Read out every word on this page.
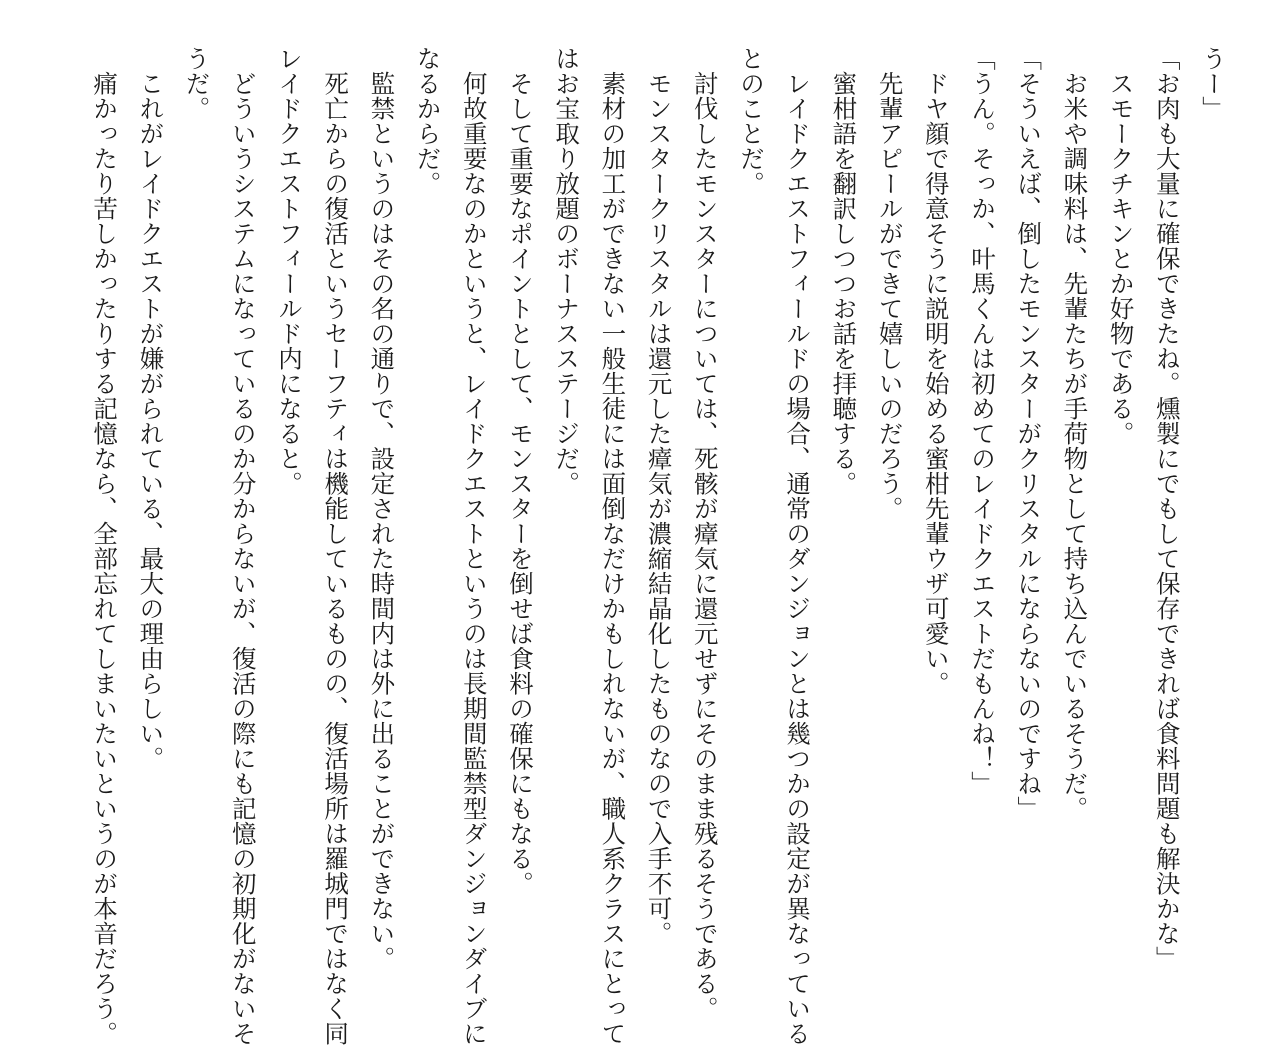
うー」

「お肉も大量に確保できたね。燻製にでもして保存できれば食料問題も解決かな」

スモークチキンとか好物である。

お米や調味料は、先輩たちが手荷物として持ち込んでいるそうだ。

「そういえば、倒したモンスターがクリスタルにならないのですね」

「うん。そっか、叶馬くんは初めてのレイドクエストだもんね！」

ドヤ顔で得意そうに説明を始める蜜柑先輩ウザ可愛い。

先輩アピールができて嬉しいのだろう。

蜜柑語を翻訳しつつお話を拝聴する。

レイドクエストフィールドの場合、通常のダンジョンとは幾つかの設定が異なっているとのことだ。

討伐したモンスターについては、死骸が瘴気に還元せずにそのまま残るそうである。

モンスタークリスタルは還元した瘴気が濃縮結晶化したものなので入手不可。

素材の加工ができない一般生徒には面倒なだけかもしれないが、職人系クラスにとってはお宝取り放題のボーナスステージだ。

そして重要なポイントとして、モンスターを倒せば食料の確保にもなる。

何故重要なのかというと、レイドクエストというのは長期間監禁型ダンジョンダイブになるからだ。

監禁というのはその名の通りで、設定された時間内は外に出ることができない。

死亡からの復活というセーフティは機能しているものの、復活場所は羅城門ではなく同レイドクエストフィールド内になると。

どういうシステムになっているのか分からないが、復活の際にも記憶の初期化がないそうだ。

これがレイドクエストが嫌がられている、最大の理由らしい。

痛かったり苦しかったりする記憶なら、全部忘れてしまいたいというのが本音だろう。
